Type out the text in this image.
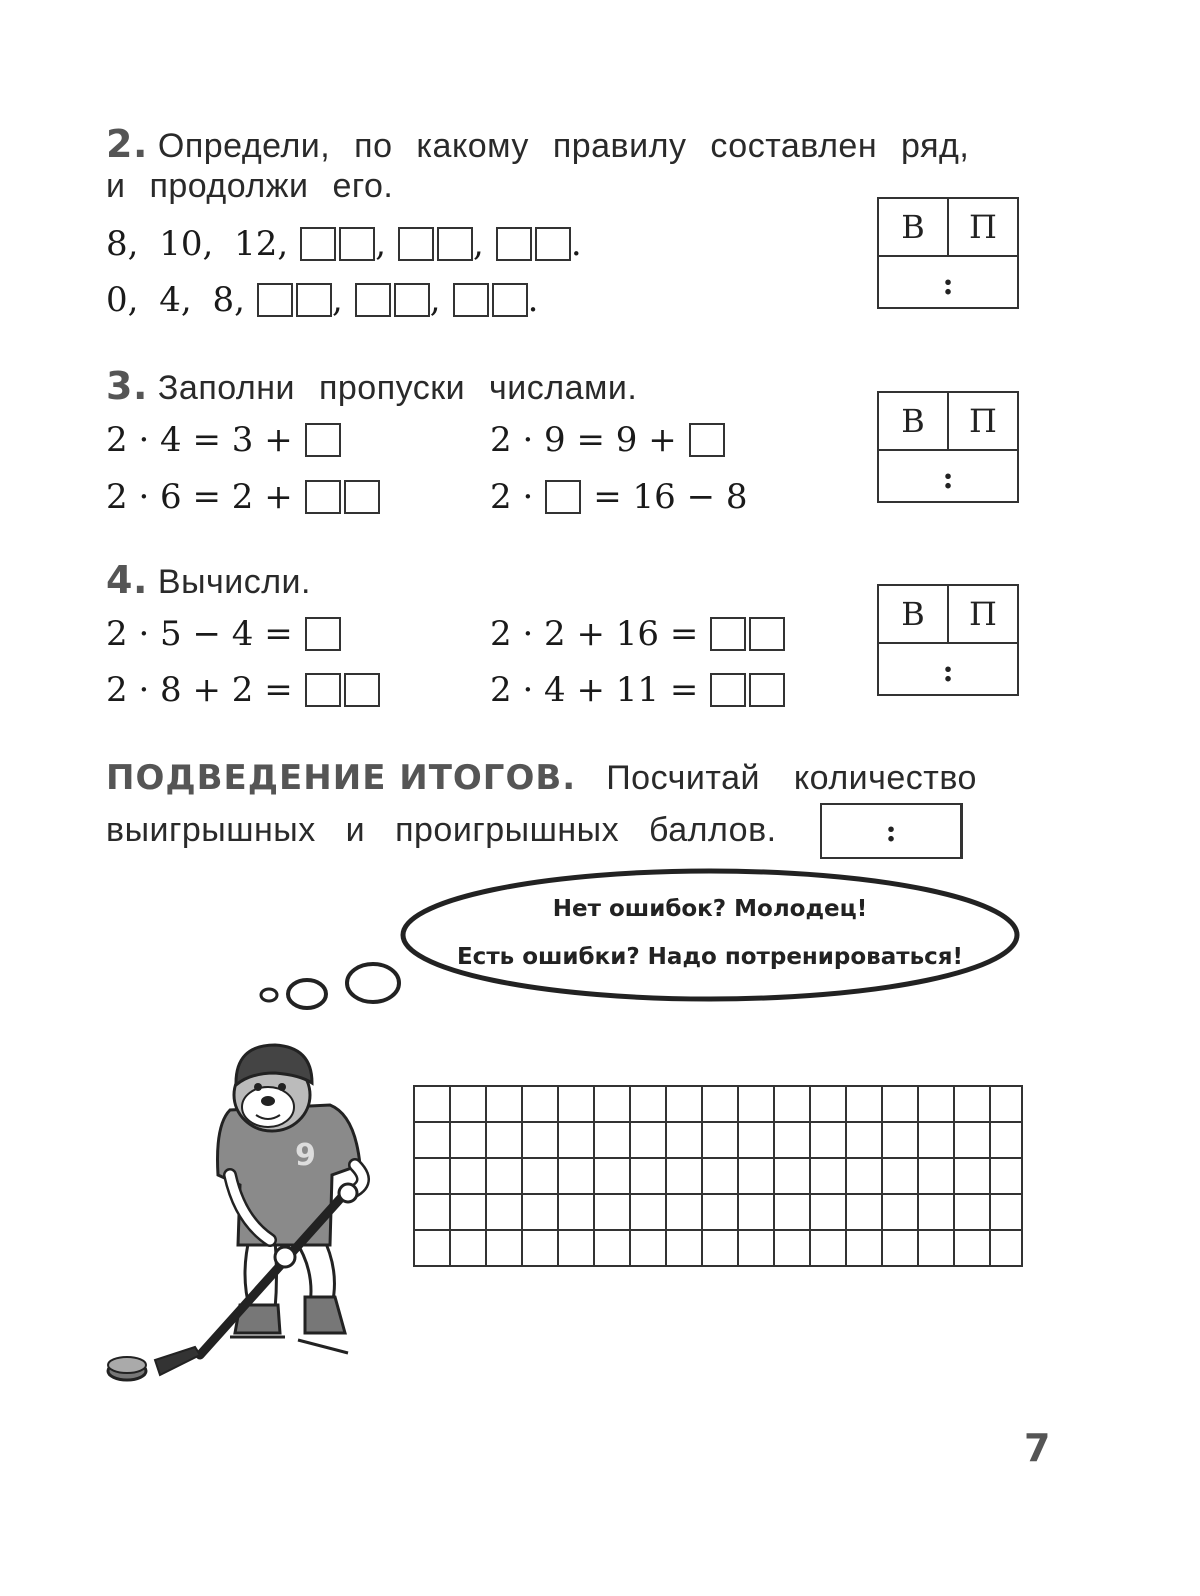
2. Определи, по какому правилу составлен ряд,
и продолжи его.
8, 10, 12,	,	,	.
0, 4, 8,	,	,	.
В	П
:
3. Заполни пропуски числами.
2 · 4 = 3 +	2 · 9 = 9 +
2 · 6 = 2 +	2 · = 16 − 8
В	П
:
4. Вычисли.
2 · 5 − 4 =	2 · 2 + 16 =
2 · 8 + 2 =	2 · 4 + 11 =
В	П
:
ПОДВЕДЕНИЕ ИТОГОВ. Посчитай количество
выигрышных и проигрышных баллов.	:
Нет ошибок? Молодец!
Есть ошибки? Надо потренироваться!
9
7
